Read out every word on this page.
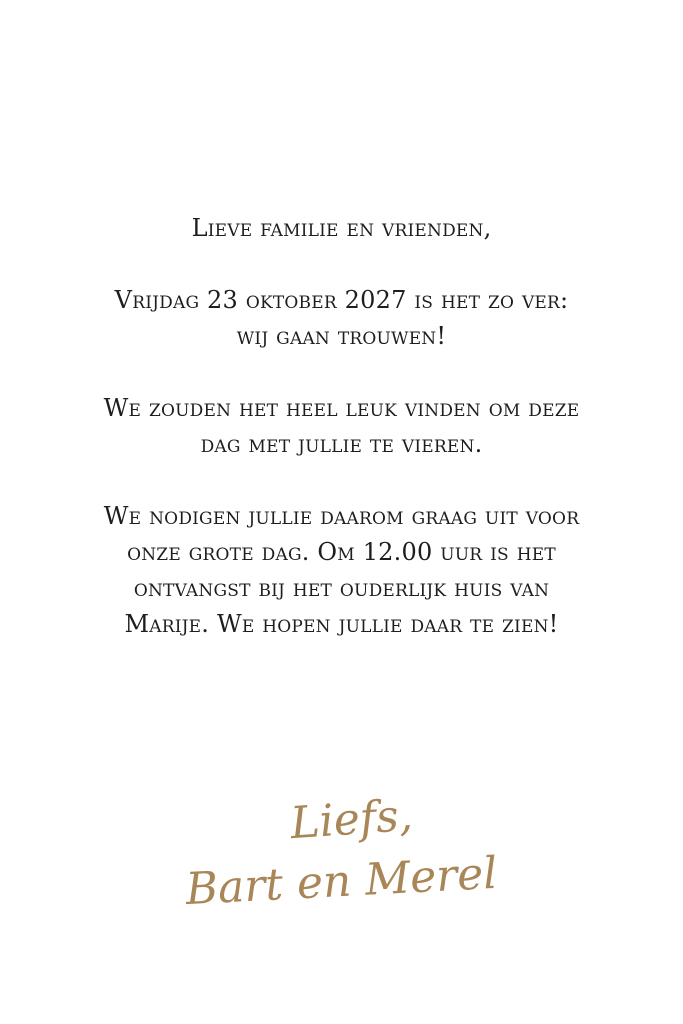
Lieve familie en vrienden,

Vrijdag 23 oktober 2027 is het zo ver:
wij gaan trouwen!

We zouden het heel leuk vinden om deze
dag met jullie te vieren.

We nodigen jullie daarom graag uit voor
onze grote dag. Om 12.00 uur is het
ontvangst bij het ouderlijk huis van
Marije. We hopen jullie daar te zien!

Liefs,
Bart en Merel
